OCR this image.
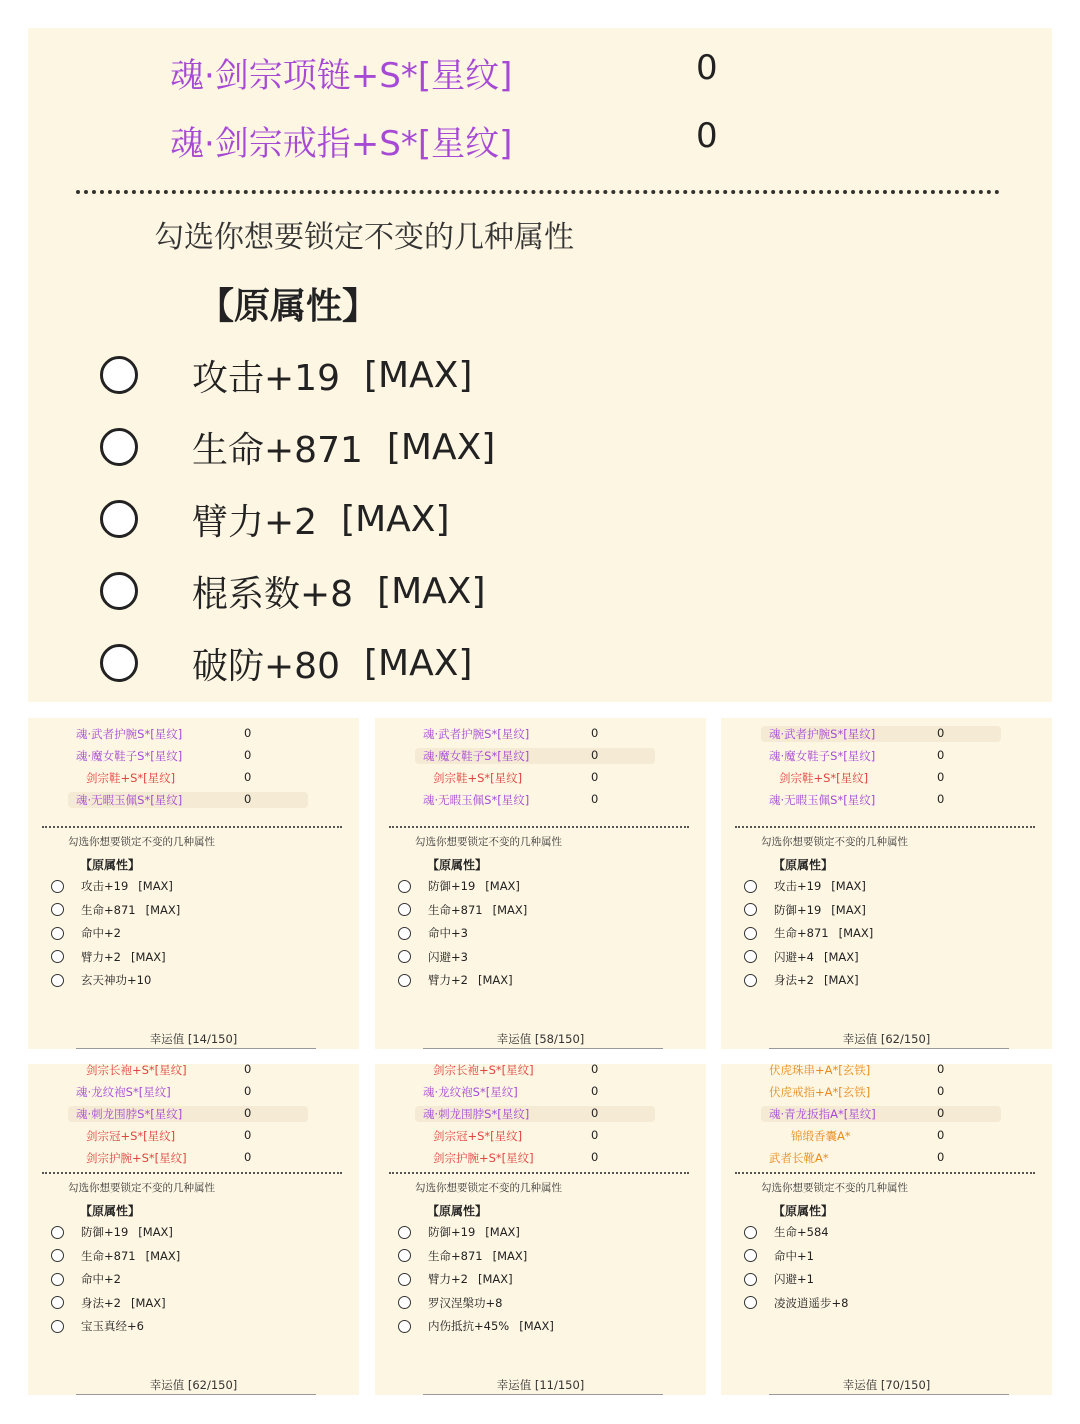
魂·剑宗项链+S*[星纹]	0
魂·剑宗戒指+S*[星纹]	0
勾选你想要锁定不变的几种属性
【原属性】
攻击+19 [MAX]
生命+871 [MAX]
臂力+2 [MAX]
棍系数+8 [MAX]
破防+80 [MAX]
魂·武者护腕S*[星纹]	0
魂·魔女鞋子S*[星纹]	0
剑宗鞋+S*[星纹]	0
魂·无暇玉佩S*[星纹]	0
勾选你想要锁定不变的几种属性
【原属性】
攻击+19 [MAX]
生命+871 [MAX]
命中+2
臂力+2 [MAX]
玄天神功+10
幸运值 [14/150]
魂·武者护腕S*[星纹]	0
魂·魔女鞋子S*[星纹]	0
剑宗鞋+S*[星纹]	0
魂·无暇玉佩S*[星纹]	0
勾选你想要锁定不变的几种属性
【原属性】
防御+19 [MAX]
生命+871 [MAX]
命中+3
闪避+3
臂力+2 [MAX]
幸运值 [58/150]
魂·武者护腕S*[星纹]	0
魂·魔女鞋子S*[星纹]	0
剑宗鞋+S*[星纹]	0
魂·无暇玉佩S*[星纹]	0
勾选你想要锁定不变的几种属性
【原属性】
攻击+19 [MAX]
防御+19 [MAX]
生命+871 [MAX]
闪避+4 [MAX]
身法+2 [MAX]
幸运值 [62/150]
剑宗长袍+S*[星纹]	0
魂·龙纹袍S*[星纹]	0
魂·刺龙围脖S*[星纹]	0
剑宗冠+S*[星纹]	0
剑宗护腕+S*[星纹]	0
勾选你想要锁定不变的几种属性
【原属性】
防御+19 [MAX]
生命+871 [MAX]
命中+2
身法+2 [MAX]
宝玉真经+6
幸运值 [62/150]
剑宗长袍+S*[星纹]	0
魂·龙纹袍S*[星纹]	0
魂·刺龙围脖S*[星纹]	0
剑宗冠+S*[星纹]	0
剑宗护腕+S*[星纹]	0
勾选你想要锁定不变的几种属性
【原属性】
防御+19 [MAX]
生命+871 [MAX]
臂力+2 [MAX]
罗汉涅槃功+8
内伤抵抗+45% [MAX]
幸运值 [11/150]
伏虎珠串+A*[玄铁]	0
伏虎戒指+A*[玄铁]	0
魂·青龙扳指A*[星纹]	0
锦缎香囊A*	0
武者长靴A*	0
勾选你想要锁定不变的几种属性
【原属性】
生命+584
命中+1
闪避+1
凌波逍遥步+8
幸运值 [70/150]
